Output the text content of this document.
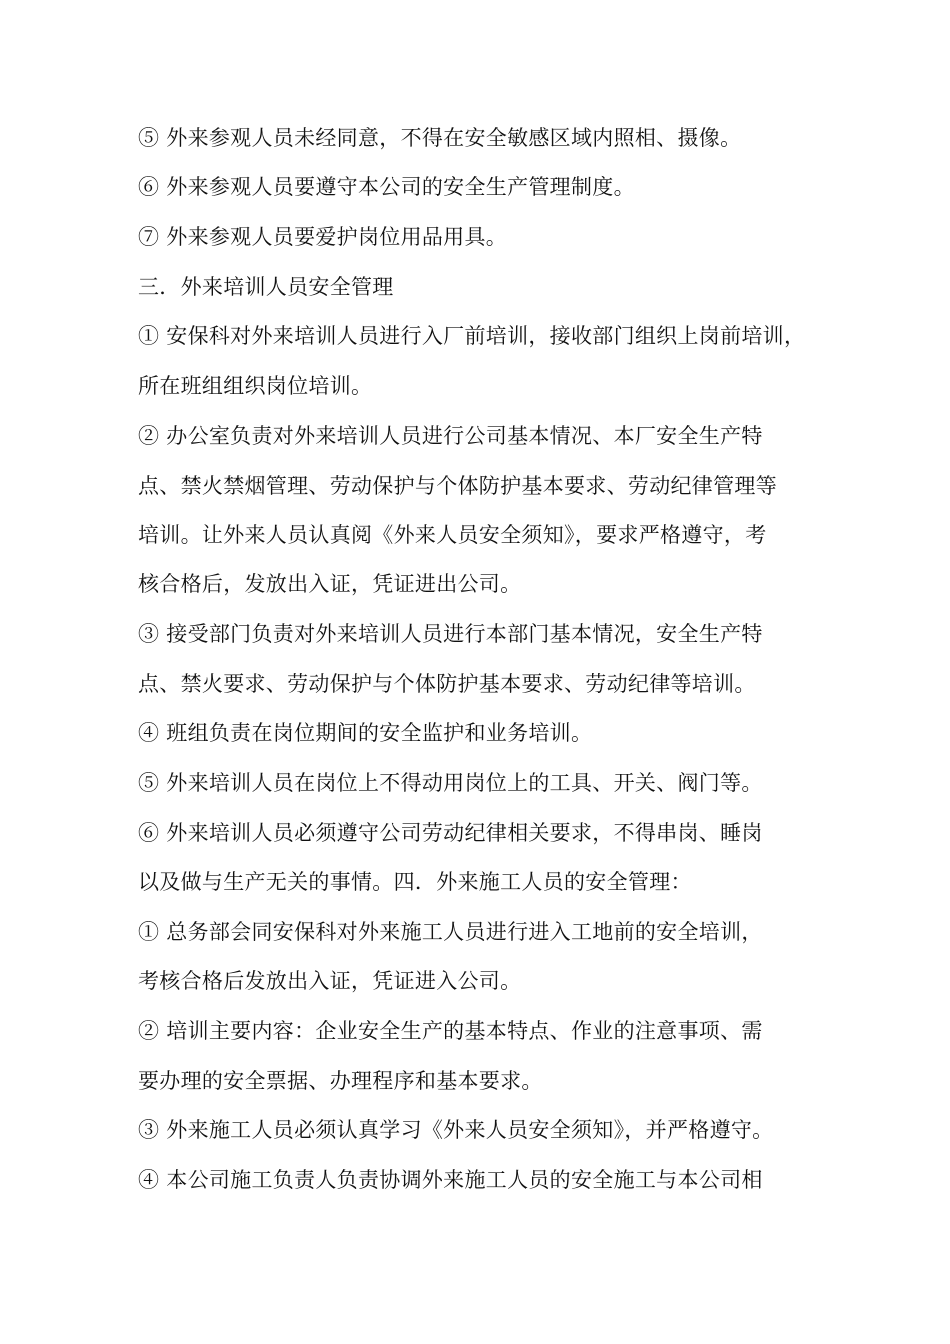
⑤ 外来参观人员未经同意，不得在安全敏感区域内照相、摄像。
⑥ 外来参观人员要遵守本公司的安全生产管理制度。
⑦ 外来参观人员要爱护岗位用品用具。
三．外来培训人员安全管理
① 安保科对外来培训人员进行入厂前培训，接收部门组织上岗前培训，
所在班组组织岗位培训。
② 办公室负责对外来培训人员进行公司基本情况、本厂安全生产特
点、禁火禁烟管理、劳动保护与个体防护基本要求、劳动纪律管理等
培训。让外来人员认真阅《外来人员安全须知》，要求严格遵守，考
核合格后，发放出入证，凭证进出公司。
③ 接受部门负责对外来培训人员进行本部门基本情况，安全生产特
点、禁火要求、劳动保护与个体防护基本要求、劳动纪律等培训。
④ 班组负责在岗位期间的安全监护和业务培训。
⑤ 外来培训人员在岗位上不得动用岗位上的工具、开关、阀门等。
⑥ 外来培训人员必须遵守公司劳动纪律相关要求，不得串岗、睡岗
以及做与生产无关的事情。四．外来施工人员的安全管理：
① 总务部会同安保科对外来施工人员进行进入工地前的安全培训，
考核合格后发放出入证，凭证进入公司。
② 培训主要内容：企业安全生产的基本特点、作业的注意事项、需
要办理的安全票据、办理程序和基本要求。
③ 外来施工人员必须认真学习《外来人员安全须知》，并严格遵守。
④ 本公司施工负责人负责协调外来施工人员的安全施工与本公司相
